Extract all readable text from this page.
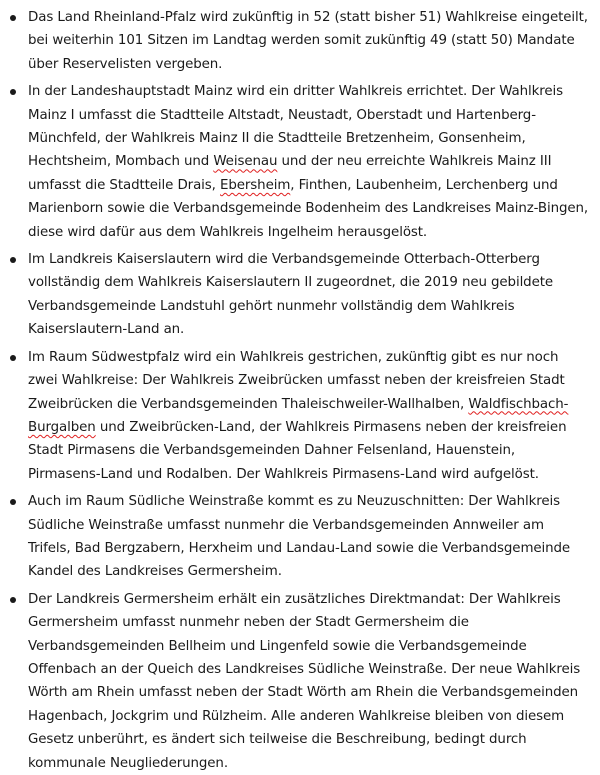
Das Land Rheinland-Pfalz wird zukünftig in 52 (statt bisher 51) Wahlkreise eingeteilt, bei weiterhin 101 Sitzen im Landtag werden somit zukünftig 49 (statt 50) Mandate über Reservelisten vergeben.
In der Landeshauptstadt Mainz wird ein dritter Wahlkreis errichtet. Der Wahlkreis Mainz I umfasst die Stadtteile Altstadt, Neustadt, Oberstadt und Hartenberg-Münchfeld, der Wahlkreis Mainz II die Stadtteile Bretzenheim, Gonsenheim, Hechtsheim, Mombach und Weisenau und der neu erreichte Wahlkreis Mainz III umfasst die Stadtteile Drais, Ebersheim, Finthen, Laubenheim, Lerchenberg und Marienborn sowie die Verbandsgemeinde Bodenheim des Landkreises Mainz-Bingen, diese wird dafür aus dem Wahlkreis Ingelheim herausgelöst.
Im Landkreis Kaiserslautern wird die Verbandsgemeinde Otterbach-Otterberg vollständig dem Wahlkreis Kaiserslautern II zugeordnet, die 2019 neu gebildete Verbandsgemeinde Landstuhl gehört nunmehr vollständig dem Wahlkreis Kaiserslautern-Land an.
Im Raum Südwestpfalz wird ein Wahlkreis gestrichen, zukünftig gibt es nur noch zwei Wahlkreise: Der Wahlkreis Zweibrücken umfasst neben der kreisfreien Stadt Zweibrücken die Verbandsgemeinden Thaleischweiler-Wallhalben, Waldfischbach-Burgalben und Zweibrücken-Land, der Wahlkreis Pirmasens neben der kreisfreien Stadt Pirmasens die Verbandsgemeinden Dahner Felsenland, Hauenstein, Pirmasens-Land und Rodalben. Der Wahlkreis Pirmasens-Land wird aufgelöst.
Auch im Raum Südliche Weinstraße kommt es zu Neuzuschnitten: Der Wahlkreis Südliche Weinstraße umfasst nunmehr die Verbandsgemeinden Annweiler am Trifels, Bad Bergzabern, Herxheim und Landau-Land sowie die Verbandsgemeinde Kandel des Landkreises Germersheim.
Der Landkreis Germersheim erhält ein zusätzliches Direktmandat: Der Wahlkreis Germersheim umfasst nunmehr neben der Stadt Germersheim die Verbandsgemeinden Bellheim und Lingenfeld sowie die Verbandsgemeinde Offenbach an der Queich des Landkreises Südliche Weinstraße. Der neue Wahlkreis Wörth am Rhein umfasst neben der Stadt Wörth am Rhein die Verbandsgemeinden Hagenbach, Jockgrim und Rülzheim. Alle anderen Wahlkreise bleiben von diesem Gesetz unberührt, es ändert sich teilweise die Beschreibung, bedingt durch kommunale Neugliederungen.
